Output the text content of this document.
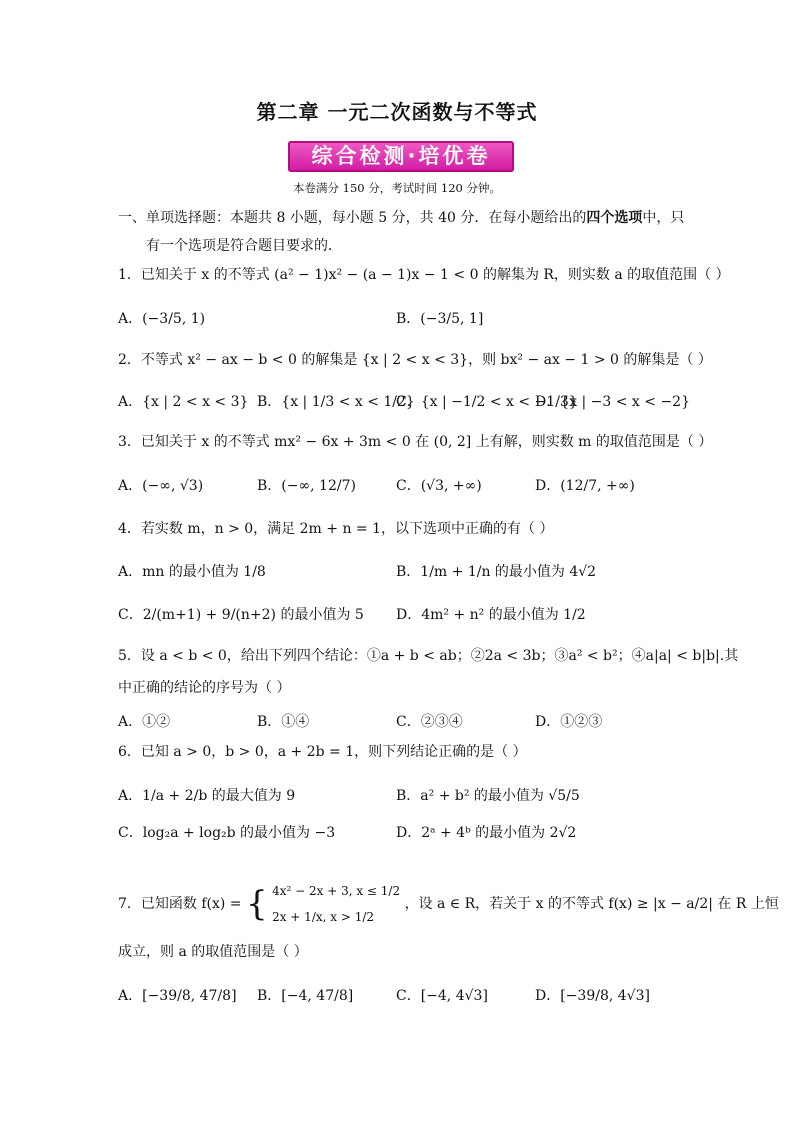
第二章 一元二次函数与不等式
综合检测·培优卷
本卷满分 150 分，考试时间 120 分钟。
一、单项选择题：本题共 8 小题，每小题 5 分，共 40 分．在每小题给出的四个选项中，只
有一个选项是符合题目要求的．
1．已知关于 x 的不等式 (a² − 1)x² − (a − 1)x − 1 < 0 的解集为 R，则实数 a 的取值范围（ ）
A．(−3/5, 1)	B．(−3/5, 1]
2．不等式 x² − ax − b < 0 的解集是 {x | 2 < x < 3}，则 bx² − ax − 1 > 0 的解集是（ ）
A．{x | 2 < x < 3} B．{x | 1/3 < x < 1/2}
C．{x | −1/2 < x < −1/3}
D．{x | −3 < x < −2}
3．已知关于 x 的不等式 mx² − 6x + 3m < 0 在 (0, 2] 上有解，则实数 m 的取值范围是（ ）
A．(−∞, √3)	B．(−∞, 12/7)	C．(√3, +∞)	D．(12/7, +∞)
4．若实数 m，n > 0，满足 2m + n = 1，以下选项中正确的有（ ）
A．mn 的最小值为 1/8	B．1/m + 1/n 的最小值为 4√2
C．2/(m+1) + 9/(n+2) 的最小值为 5 D．4m² + n² 的最小值为 1/2
5．设 a < b < 0，给出下列四个结论：①a + b < ab；②2a < 3b；③a² < b²；④a|a| < b|b|.其
中正确的结论的序号为（ ）
A．①②	B．①④	C．②③④	D．①②③
6．已知 a > 0，b > 0，a + 2b = 1，则下列结论正确的是（ ）
A．1/a + 2/b 的最大值为 9	B．a² + b² 的最小值为 √5/5
C．log₂a + log₂b 的最小值为 −3	D．2ᵃ + 4ᵇ 的最小值为 2√2
7．已知函数 f(x) = { 4x² − 2x + 3, x ≤ 1/2
2x + 1/x, x > 1/2
，设 a ∈ R，若关于 x 的不等式 f(x) ≥ |x − a/2| 在 R 上恒
成立，则 a 的取值范围是（ ）
A．[−39/8, 47/8] B．[−4, 47/8]	C．[−4, 4√3]	D．[−39/8, 4√3]
